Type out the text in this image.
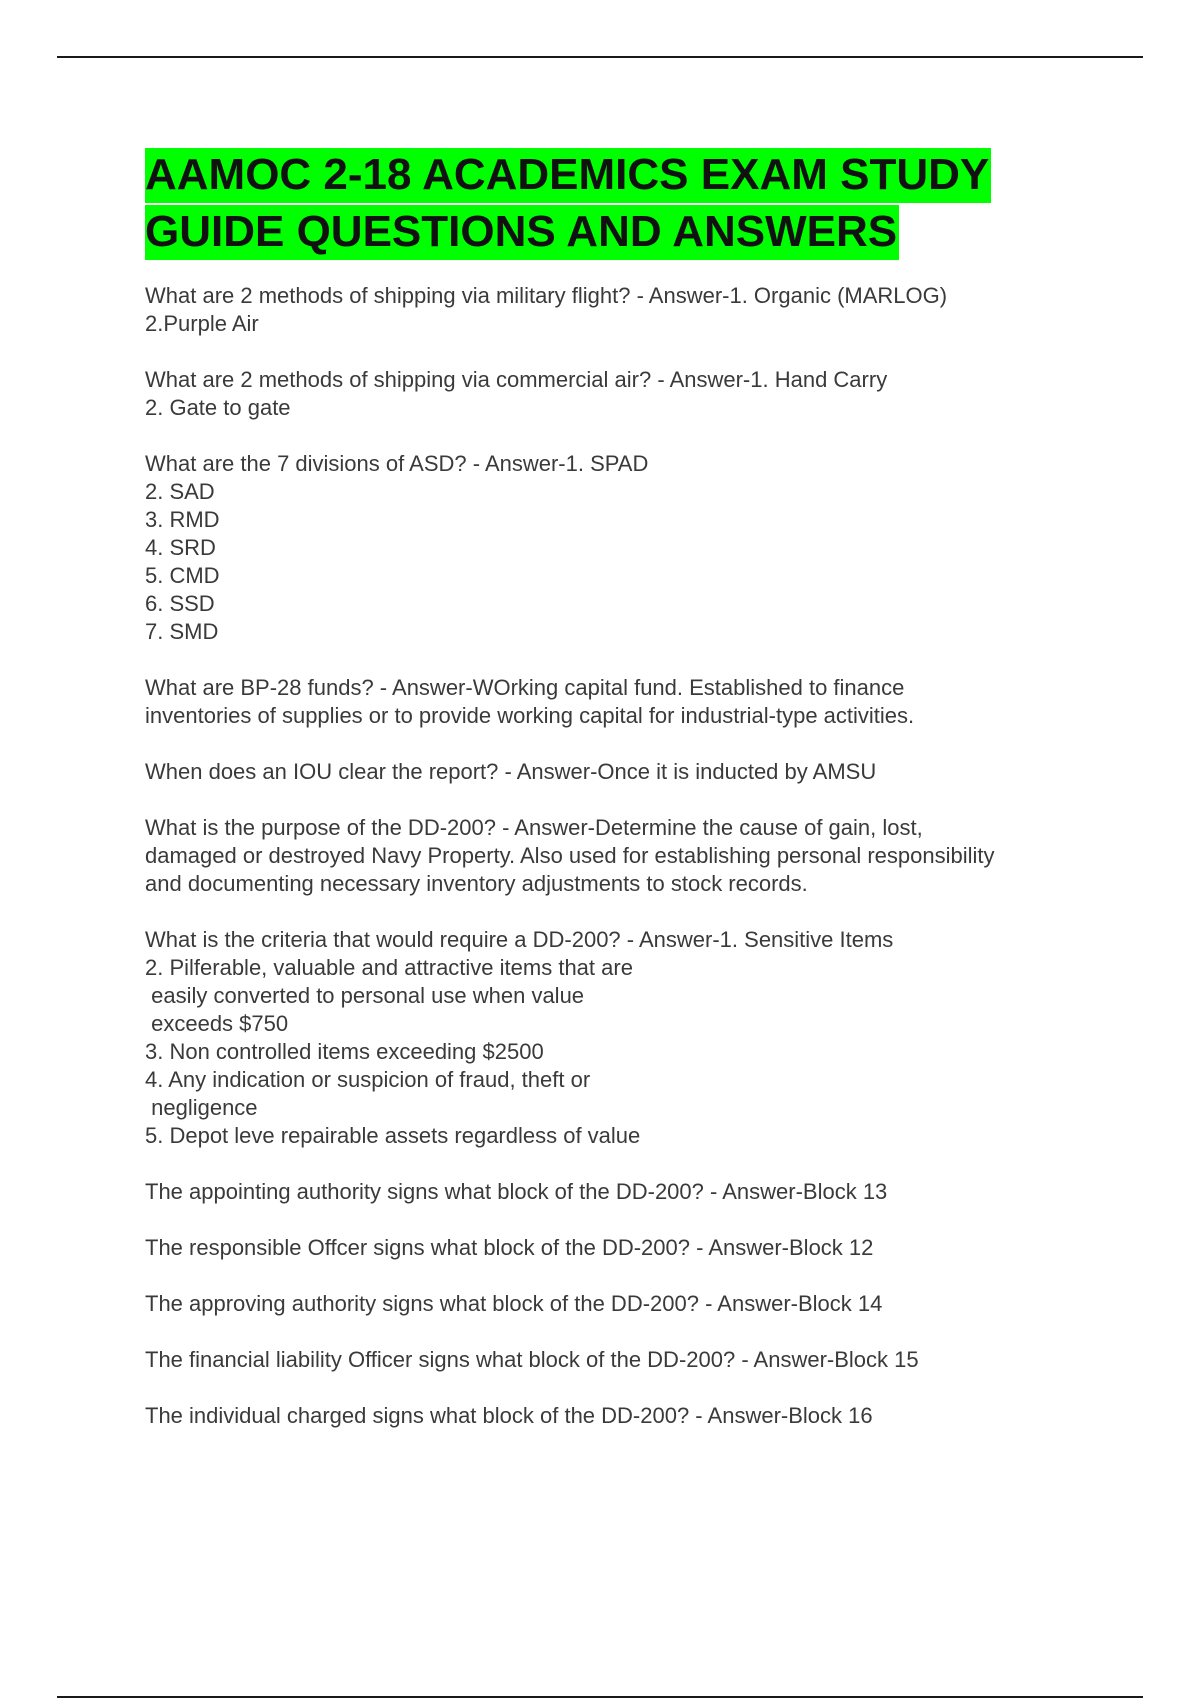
AAMOC 2-18 ACADEMICS EXAM STUDY
GUIDE QUESTIONS AND ANSWERS
What are 2 methods of shipping via military flight? - Answer-1. Organic (MARLOG)
2.Purple Air
What are 2 methods of shipping via commercial air? - Answer-1. Hand Carry
2. Gate to gate
What are the 7 divisions of ASD? - Answer-1. SPAD
2. SAD
3. RMD
4. SRD
5. CMD
6. SSD
7. SMD
What are BP-28 funds? - Answer-WOrking capital fund. Established to finance
inventories of supplies or to provide working capital for industrial-type activities.
When does an IOU clear the report? - Answer-Once it is inducted by AMSU
What is the purpose of the DD-200? - Answer-Determine the cause of gain, lost,
damaged or destroyed Navy Property. Also used for establishing personal responsibility
and documenting necessary inventory adjustments to stock records.
What is the criteria that would require a DD-200? - Answer-1. Sensitive Items
2. Pilferable, valuable and attractive items that are
easily converted to personal use when value
exceeds $750
3. Non controlled items exceeding $2500
4. Any indication or suspicion of fraud, theft or
negligence
5. Depot leve repairable assets regardless of value
The appointing authority signs what block of the DD-200? - Answer-Block 13
The responsible Offcer signs what block of the DD-200? - Answer-Block 12
The approving authority signs what block of the DD-200? - Answer-Block 14
The financial liability Officer signs what block of the DD-200? - Answer-Block 15
The individual charged signs what block of the DD-200? - Answer-Block 16
